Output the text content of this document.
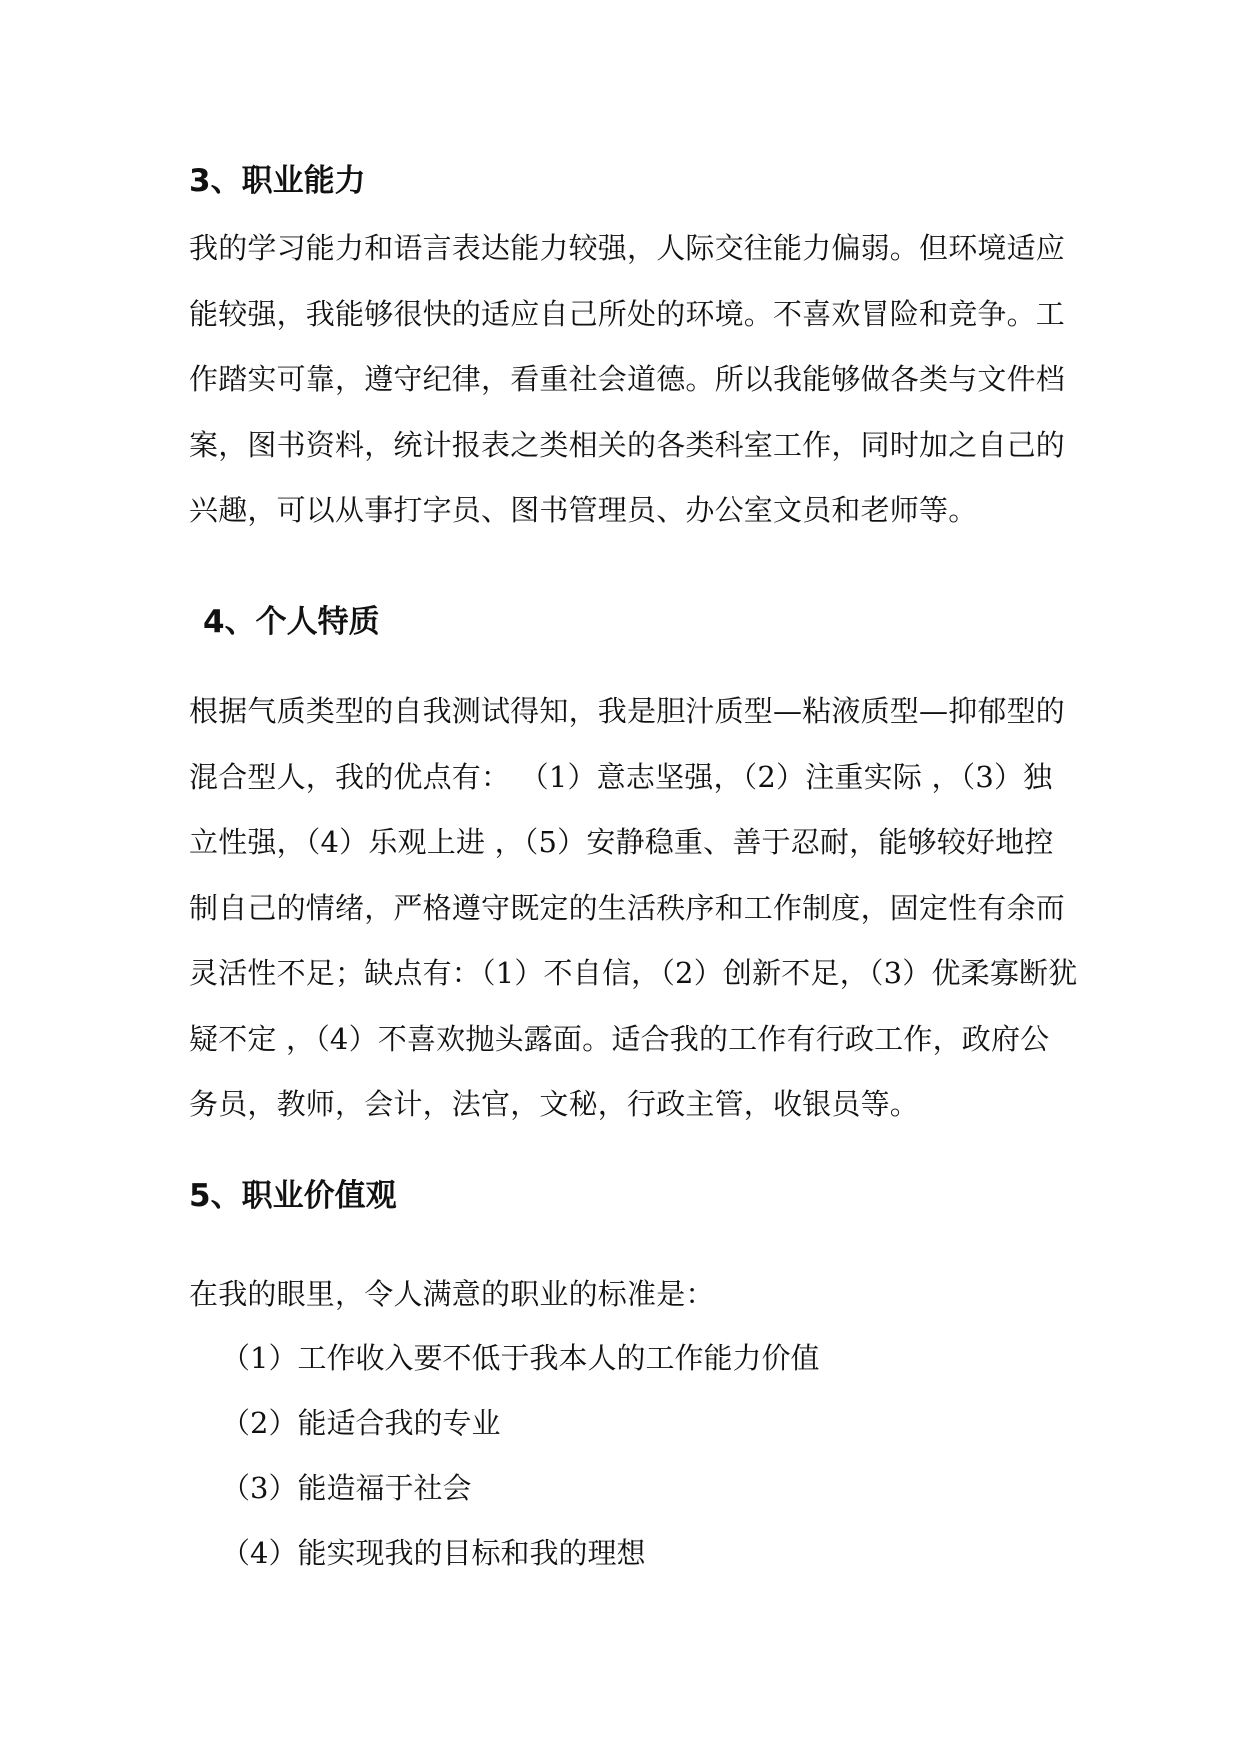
3、职业能力

我的学习能力和语言表达能力较强，人际交往能力偏弱。但环境适应
能较强，我能够很快的适应自己所处的环境。不喜欢冒险和竞争。工
作踏实可靠，遵守纪律，看重社会道德。所以我能够做各类与文件档
案，图书资料，统计报表之类相关的各类科室工作，同时加之自己的
兴趣，可以从事打字员、图书管理员、办公室文员和老师等。

4、个人特质

根据气质类型的自我测试得知，我是胆汁质型—粘液质型—抑郁型的
混合型人，我的优点有： （1）意志坚强，（2）注重实际 ，（3）独
立性强，（4）乐观上进 ，（5）安静稳重、善于忍耐，能够较好地控
制自己的情绪，严格遵守既定的生活秩序和工作制度，固定性有余而
灵活性不足；缺点有：（1）不自信，（2）创新不足，（3）优柔寡断犹
疑不定 ，（4）不喜欢抛头露面。适合我的工作有行政工作，政府公
务员，教师，会计，法官，文秘，行政主管，收银员等。

5、职业价值观

在我的眼里，令人满意的职业的标准是：

（1）工作收入要不低于我本人的工作能力价值
（2）能适合我的专业
（3）能造福于社会
（4）能实现我的目标和我的理想
